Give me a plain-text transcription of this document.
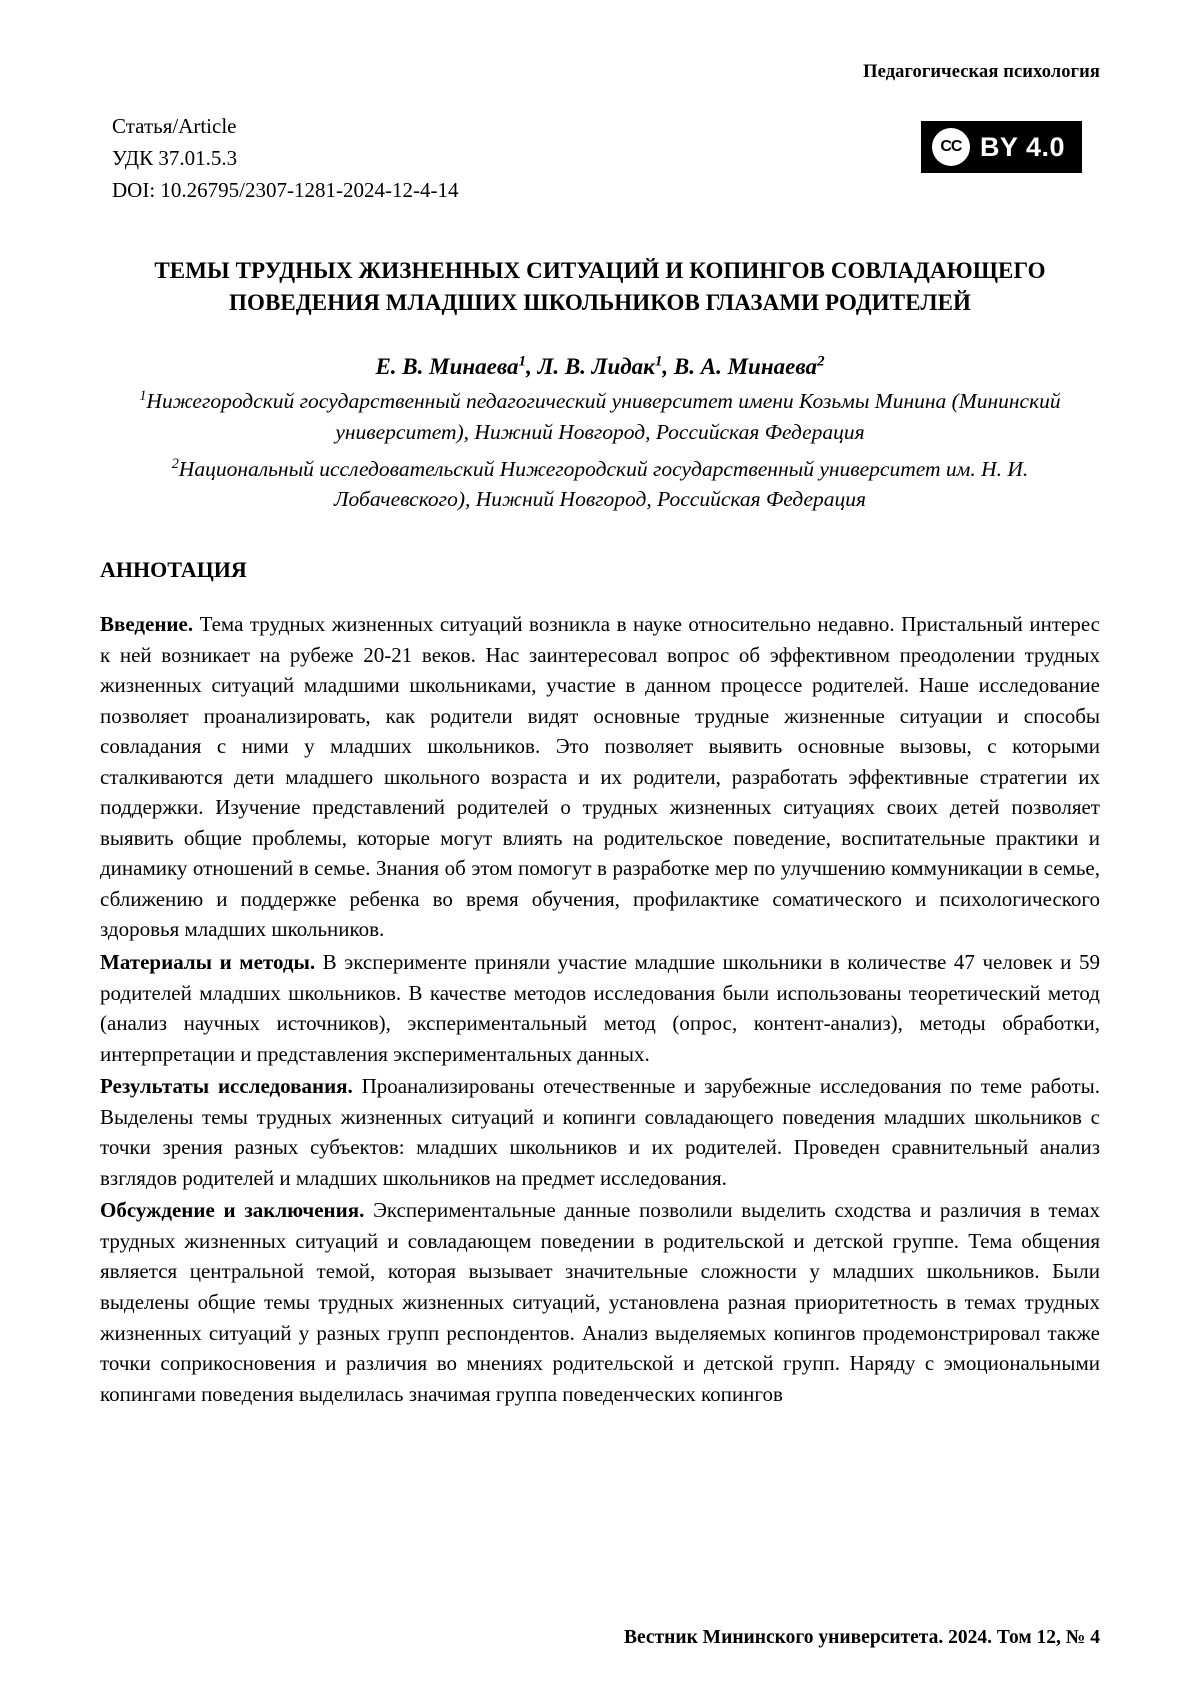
Педагогическая психология
Статья/Article
УДК 37.01.5.3
DOI: 10.26795/2307-1281-2024-12-4-14
CC BY 4.0
ТЕМЫ ТРУДНЫХ ЖИЗНЕННЫХ СИТУАЦИЙ И КОПИНГОВ СОВЛАДАЮЩЕГО ПОВЕДЕНИЯ МЛАДШИХ ШКОЛЬНИКОВ ГЛАЗАМИ РОДИТЕЛЕЙ
Е. В. Минаева$^1$, Л. В. Лидак$^1$, В. А. Минаева$^2$
$^1$Нижегородский государственный педагогический университет имени Козьмы Минина (Мининский университет), Нижний Новгород, Российская Федерация
$^2$Национальный исследовательский Нижегородский государственный университет им. Н. И. Лобачевского), Нижний Новгород, Российская Федерация
АННОТАЦИЯ

Введение. Тема трудных жизненных ситуаций возникла в науке относительно недавно. Пристальный интерес к ней возникает на рубеже 20-21 веков. Нас заинтересовал вопрос об эффективном преодолении трудных жизненных ситуаций младшими школьниками, участие в данном процессе родителей. Наше исследование позволяет проанализировать, как родители видят основные трудные жизненные ситуации и способы совладания с ними у младших школьников. Это позволяет выявить основные вызовы, с которыми сталкиваются дети младшего школьного возраста и их родители, разработать эффективные стратегии их поддержки. Изучение представлений родителей о трудных жизненных ситуациях своих детей позволяет выявить общие проблемы, которые могут влиять на родительское поведение, воспитательные практики и динамику отношений в семье. Знания об этом помогут в разработке мер по улучшению коммуникации в семье, сближению и поддержке ребенка во время обучения, профилактике соматического и психологического здоровья младших школьников.

Материалы и методы. В эксперименте приняли участие младшие школьники в количестве 47 человек и 59 родителей младших школьников. В качестве методов исследования были использованы теоретический метод (анализ научных источников), экспериментальный метод (опрос, контент-анализ), методы обработки, интерпретации и представления экспериментальных данных.

Результаты исследования. Проанализированы отечественные и зарубежные исследования по теме работы. Выделены темы трудных жизненных ситуаций и копинги совладающего поведения младших школьников с точки зрения разных субъектов: младших школьников и их родителей. Проведен сравнительный анализ взглядов родителей и младших школьников на предмет исследования.

Обсуждение и заключения. Экспериментальные данные позволили выделить сходства и различия в темах трудных жизненных ситуаций и совладающем поведении в родительской и детской группе. Тема общения является центральной темой, которая вызывает значительные сложности у младших школьников. Были выделены общие темы трудных жизненных ситуаций, установлена разная приоритетность в темах трудных жизненных ситуаций у разных групп респондентов. Анализ выделяемых копингов продемонстрировал также точки соприкосновения и различия во мнениях родительской и детской групп. Наряду с эмоциональными копингами поведения выделилась значимая группа поведенческих копингов

Вестник Мининского университета. 2024. Том 12, № 4
